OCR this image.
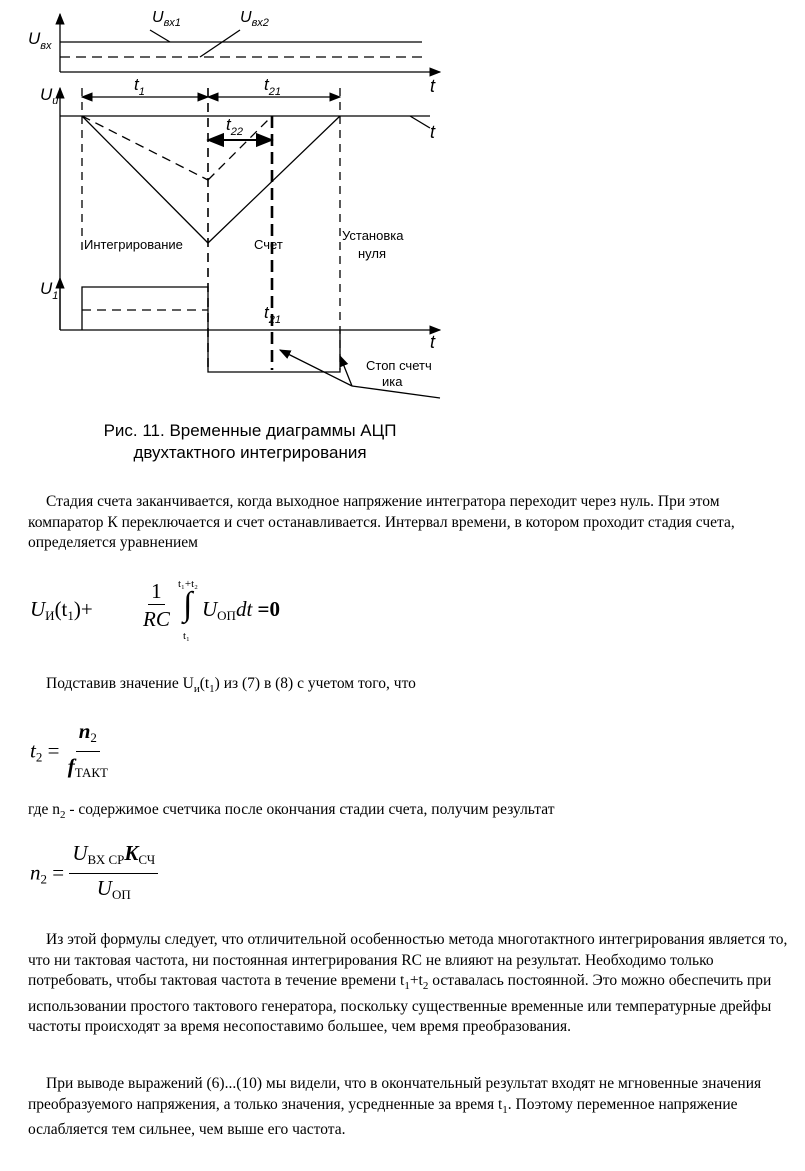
$U_{вх}$
$U_{вх1}$	$U_{вх2}$
t
$U_и$
$t_1$	$t_{21}$
t
$t_{22}$
Интегрирование	Счет
Установка
нуля
$U_1$
$t_{21}$
t
Стоп счетч
ика
Рис. 11. Временные диаграммы АЦП
двухтактного интегрирования
Стадия счета заканчивается, когда выходное напряжение интегратора переходит через нуль. При этом компаратор К переключается и счет останавливается. Интервал времени, в котором проходит стадия счета, определяется уравнением
$U_И(t_1)+ \frac{1}{RC} t_1+t_2$
∫
t₁
$U_{ОП}dt =0$
Подставив значение $U_и(t_1)$ из (7) в (8) с учетом того, что
$t_2 = \frac{n_2}{f_{ТАКТ}}$
где $n_2$ - содержимое счетчика после окончания стадии счета, получим результат
$n_2 = \frac{U_{ВХ СР}K_{СЧ}}{U_{ОП}}$
Из этой формулы следует, что отличительной особенностью метода многотактного интегрирования является то, что ни тактовая частота, ни постоянная интегрирования RC не влияют на результат. Необходимо только потребовать, чтобы тактовая частота в течение времени $t_1+t_2$ оставалась постоянной. Это можно обеспечить при использовании простого тактового генератора, поскольку существенные временные или температурные дрейфы частоты происходят за время несопоставимо большее, чем время преобразования.
При выводе выражений (6)...(10) мы видели, что в окончательный результат входят не мгновенные значения преобразуемого напряжения, а только значения, усредненные за время $t_1$. Поэтому переменное напряжение ослабляется тем сильнее, чем выше его частота.
